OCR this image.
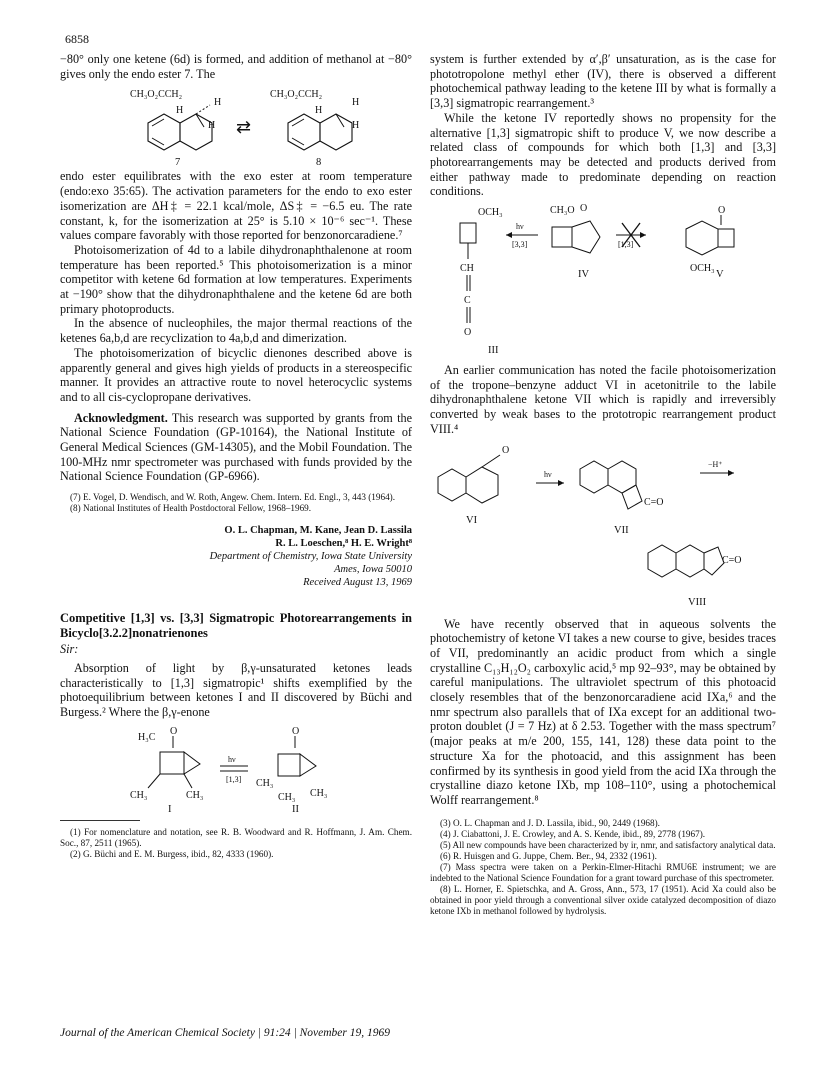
6858

−80° only one ketene (6d) is formed, and addition of methanol at −80° gives only the endo ester 7. The

CH₃O₂CCH₂
H
H
H
7
⇄
CH₃O₂CCH₂
H
H
H
8

endo ester equilibrates with the exo ester at room temperature (endo:exo 35:65). The activation parameters for the endo to exo ester isomerization are ΔH‡ = 22.1 kcal/mole, ΔS‡ = −6.5 eu. The rate constant, k, for the isomerization at 25° is 5.10 × 10⁻⁶ sec⁻¹. These values compare favorably with those reported for benzonorcaradiene.⁷

Photoisomerization of 4d to a labile dihydronaphthalenone at room temperature has been reported.⁵ This photoisomerization is a minor competitor with ketene 6d formation at low temperatures. Experiments at −190° show that the dihydronaphthalene and the ketene 6d are both primary photoproducts.

In the absence of nucleophiles, the major thermal reactions of the ketenes 6a,b,d are recyclization to 4a,b,d and dimerization.

The photoisomerization of bicyclic dienones described above is apparently general and gives high yields of products in a stereospecific manner. It provides an attractive route to novel heterocyclic systems and to all cis-cyclopropane derivatives.

Acknowledgment. This research was supported by grants from the National Science Foundation (GP-10164), the National Institute of General Medical Sciences (GM-14305), and the Mobil Foundation. The 100-MHz nmr spectrometer was purchased with funds provided by the National Science Foundation (GP-6966).

(7) E. Vogel, D. Wendisch, and W. Roth, Angew. Chem. Intern. Ed. Engl., 3, 443 (1964).

(8) National Institutes of Health Postdoctoral Fellow, 1968–1969.

O. L. Chapman, M. Kane, Jean D. Lassila
R. L. Loeschen,⁸ H. E. Wright⁸
Department of Chemistry, Iowa State University
Ames, Iowa 50010
Received August 13, 1969
Competitive [1,3] vs. [3,3] Sigmatropic Photorearrangements in Bicyclo[3.2.2]nonatrienones
Sir:

Absorption of light by β,γ-unsaturated ketones leads characteristically to [1,3] sigmatropic¹ shifts exemplified by the photoequilibrium between ketones I and II discovered by Büchi and Burgess.² Where the β,γ-enone

H₃C
O
CH₃	CH₃
I
hν
[1,3]
O
CH₃
CH₃ CH₃
II

(1) For nomenclature and notation, see R. B. Woodward and R. Hoffmann, J. Am. Chem. Soc., 87, 2511 (1965).

(2) G. Büchi and E. M. Burgess, ibid., 82, 4333 (1960).

system is further extended by α′,β′ unsaturation, as is the case for phototropolone methyl ether (IV), there is observed a different photochemical pathway leading to the ketene III by what is formally a [3,3] sigmatropic rearrangement.³

While the ketone IV reportedly shows no propensity for the alternative [1,3] sigmatropic shift to produce V, we now describe a related class of compounds for which both [1,3] and [3,3] photorearrangements may be detected and products derived from either pathway made to predominate depending on reaction conditions.

OCH₃
CH
C
O
III
hν
[3,3]
CH₃O O
IV
[1,3]
O
OCH₃
V

An earlier communication has noted the facile photoisomerization of the tropone–benzyne adduct VI in acetonitrile to the labile dihydronaphthalene ketone VII which is rapidly and irreversibly converted by weak bases to the prototropic rearrangement product VIII.⁴

O
VI
hν
C=O
VII
−H⁺
C=O
VIII

We have recently observed that in aqueous solvents the photochemistry of ketone VI takes a new course to give, besides traces of VII, predominantly an acidic product from which a single crystalline C₁₃H₁₂O₂ carboxylic acid,⁵ mp 92–93°, may be obtained by careful manipulations. The ultraviolet spectrum of this photoacid closely resembles that of the benzonorcaradiene acid IXa,⁶ and the nmr spectrum also parallels that of IXa except for an additional two-proton doublet (J = 7 Hz) at δ 2.53. Together with the mass spectrum⁷ (major peaks at m/e 200, 155, 141, 128) these data point to the structure Xa for the photoacid, and this assignment has been confirmed by its synthesis in good yield from the acid IXa through the crystalline diazo ketone IXb, mp 108–110°, using a photochemical Wolff rearrangement.⁸

(3) O. L. Chapman and J. D. Lassila, ibid., 90, 2449 (1968).

(4) J. Ciabattoni, J. E. Crowley, and A. S. Kende, ibid., 89, 2778 (1967).

(5) All new compounds have been characterized by ir, nmr, and satisfactory analytical data.

(6) R. Huisgen and G. Juppe, Chem. Ber., 94, 2332 (1961).

(7) Mass spectra were taken on a Perkin-Elmer-Hitachi RMU6E instrument; we are indebted to the National Science Foundation for a grant toward purchase of this spectrometer.

(8) L. Horner, E. Spietschka, and A. Gross, Ann., 573, 17 (1951). Acid Xa could also be obtained in poor yield through a conventional silver oxide catalyzed decomposition of diazo ketone IXb in methanol followed by hydrolysis.

Journal of the American Chemical Society | 91:24 | November 19, 1969
